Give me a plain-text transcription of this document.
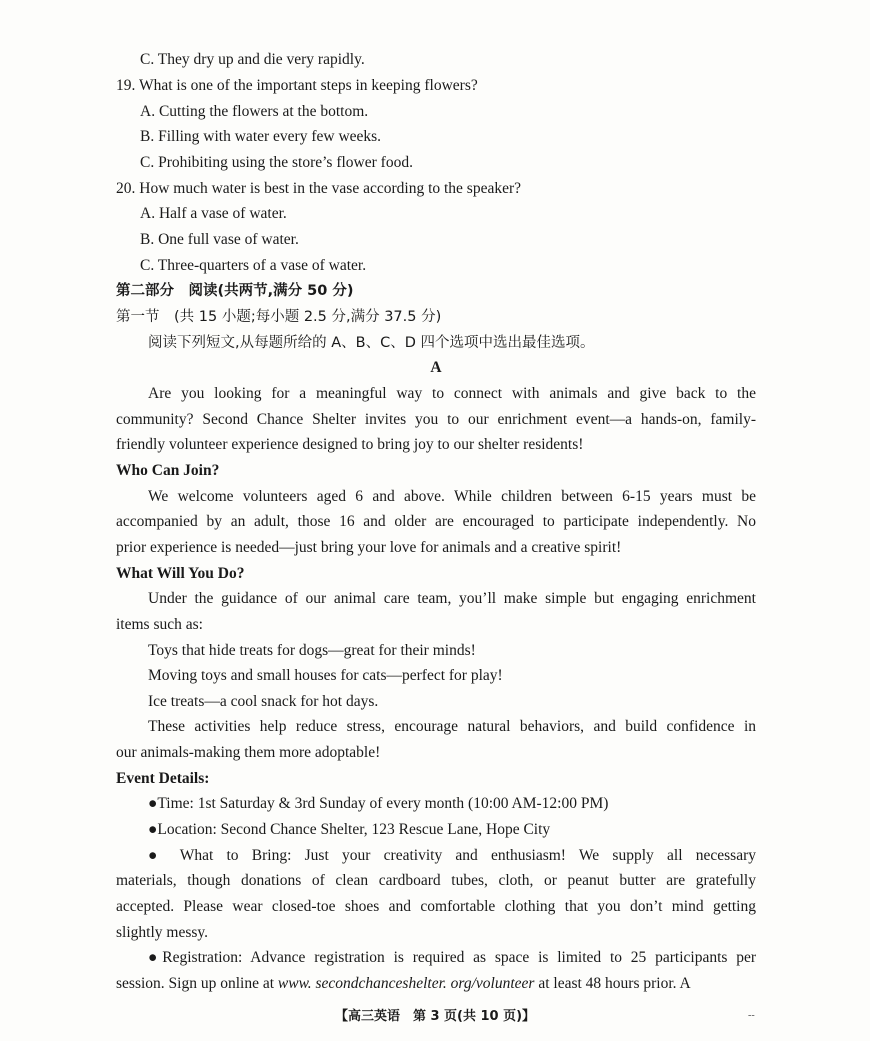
C. They dry up and die very rapidly.
19. What is one of the important steps in keeping flowers?
A. Cutting the flowers at the bottom.
B. Filling with water every few weeks.
C. Prohibiting using the store’s flower food.
20. How much water is best in the vase according to the speaker?
A. Half a vase of water.
B. One full vase of water.
C. Three-quarters of a vase of water.
第二部分　阅读(共两节,满分 50 分)
第一节　(共 15 小题;每小题 2.5 分,满分 37.5 分)
阅读下列短文,从每题所给的 A、B、C、D 四个选项中选出最佳选项。
A
Are you looking for a meaningful way to connect with animals and give back to the
community? Second Chance Shelter invites you to our enrichment event—a hands-on, family-
friendly volunteer experience designed to bring joy to our shelter residents!
Who Can Join?
We welcome volunteers aged 6 and above. While children between 6-15 years must be
accompanied by an adult, those 16 and older are encouraged to participate independently. No
prior experience is needed—just bring your love for animals and a creative spirit!
What Will You Do?
Under the guidance of our animal care team, you’ll make simple but engaging enrichment
items such as:
Toys that hide treats for dogs—great for their minds!
Moving toys and small houses for cats—perfect for play!
Ice treats—a cool snack for hot days.
These activities help reduce stress, encourage natural behaviors, and build confidence in
our animals-making them more adoptable!
Event Details:
●Time: 1st Saturday & 3rd Sunday of every month (10:00 AM-12:00 PM)
●Location: Second Chance Shelter, 123 Rescue Lane, Hope City
● What to Bring: Just your creativity and enthusiasm! We supply all necessary
materials, though donations of clean cardboard tubes, cloth, or peanut butter are gratefully
accepted. Please wear closed-toe shoes and comfortable clothing that you don’t mind getting
slightly messy.
●Registration: Advance registration is required as space is limited to 25 participants per
session. Sign up online at www. secondchanceshelter. org/volunteer at least 48 hours prior. A
【高三英语　第 3 页(共 10 页)】	--
